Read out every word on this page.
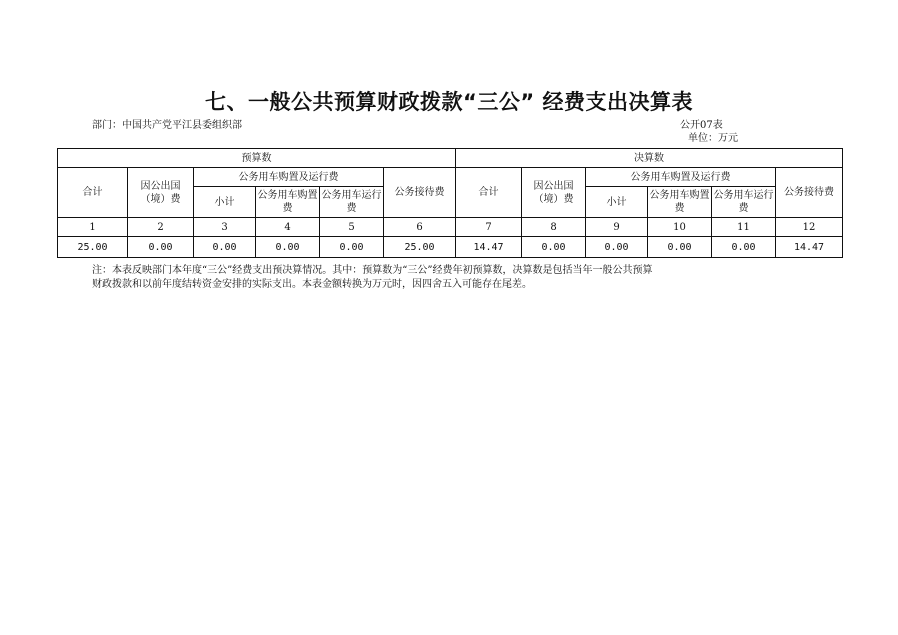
七、一般公共预算财政拨款“三公” 经费支出决算表
部门：中国共产党平江县委组织部	公开07表
单位：万元
预算数						决算数					
合计	因公出国（境）费	公务用车购置及运行费			公务接待费	合计	因公出国（境）费	公务用车购置及运行费			公务接待费
		小计	公务用车购置费	公务用车运行费				小计	公务用车购置费	公务用车运行费	
1	2	3	4	5	6	7	8	9	10	11	12
25.00	0.00	0.00	0.00	0.00	25.00	14.47	0.00	0.00	0.00	0.00	14.47

注：本表反映部门本年度“三公”经费支出预决算情况。其中：预算数为“三公”经费年初预算数，决算数是包括当年一般公共预算

财政拨款和以前年度结转资金安排的实际支出。本表金额转换为万元时，因四舍五入可能存在尾差。
